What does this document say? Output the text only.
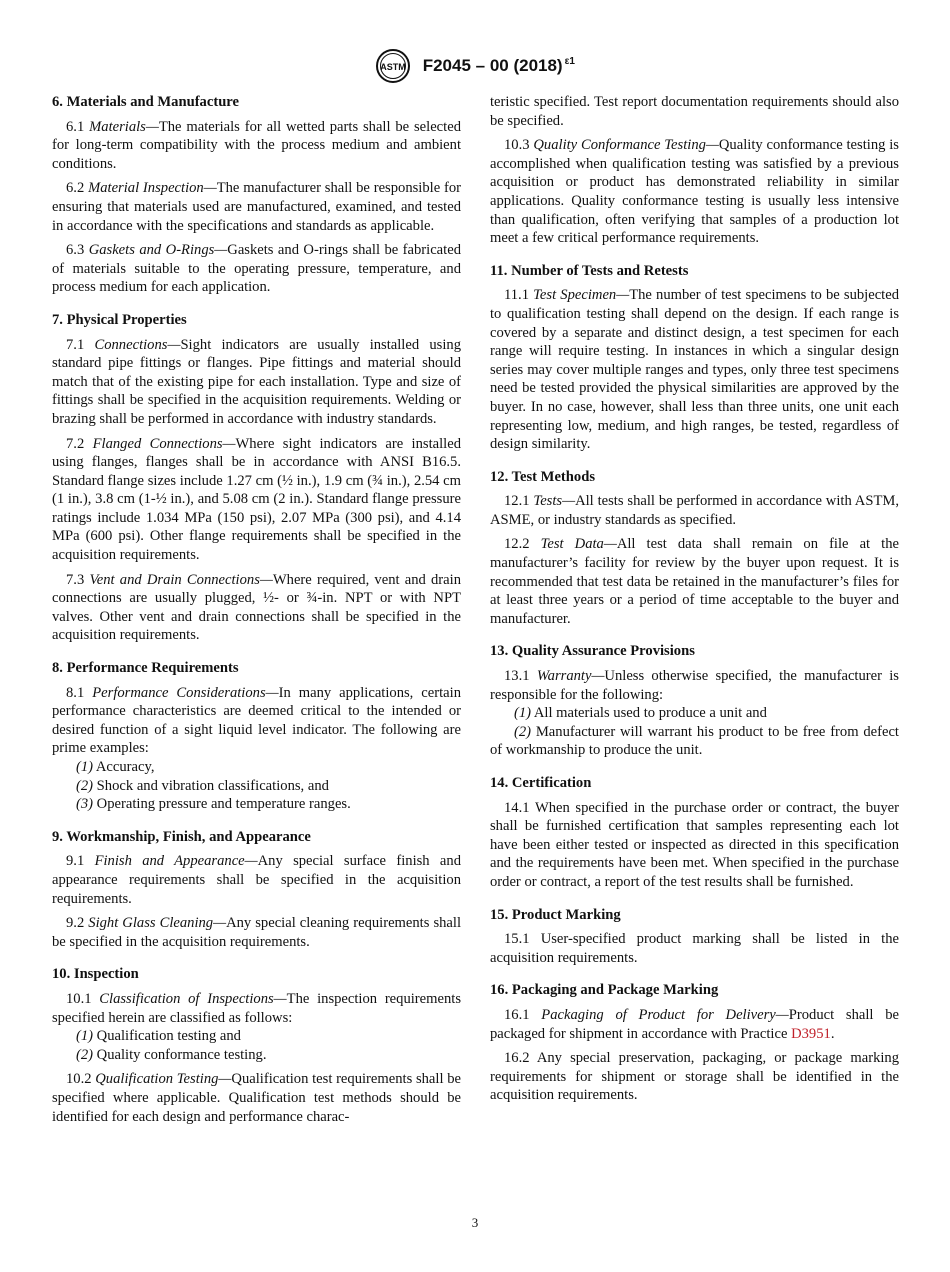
ASTM F2045 – 00 (2018) $^{\varepsilon 1}$
6. Materials and Manufacture

6.1 Materials—The materials for all wetted parts shall be selected for long-term compatibility with the process medium and ambient conditions.

6.2 Material Inspection—The manufacturer shall be responsible for ensuring that materials used are manufactured, examined, and tested in accordance with the specifications and standards as applicable.

6.3 Gaskets and O-Rings—Gaskets and O-rings shall be fabricated of materials suitable to the operating pressure, temperature, and process medium for each application.

7. Physical Properties

7.1 Connections—Sight indicators are usually installed using standard pipe fittings or flanges. Pipe fittings and material should match that of the existing pipe for each installation. Type and size of fittings shall be specified in the acquisition requirements. Welding or brazing shall be performed in accordance with industry standards.

7.2 Flanged Connections—Where sight indicators are installed using flanges, flanges shall be in accordance with ANSI B16.5. Standard flange sizes include 1.27 cm (½ in.), 1.9 cm (¾ in.), 2.54 cm (1 in.), 3.8 cm (1-½ in.), and 5.08 cm (2 in.). Standard flange pressure ratings include 1.034 MPa (150 psi), 2.07 MPa (300 psi), and 4.14 MPa (600 psi). Other flange requirements shall be specified in the acquisition requirements.

7.3 Vent and Drain Connections—Where required, vent and drain connections are usually plugged, ½- or ¾-in. NPT or with NPT valves. Other vent and drain connections shall be specified in the acquisition requirements.

8. Performance Requirements

8.1 Performance Considerations—In many applications, certain performance characteristics are deemed critical to the intended or desired function of a sight liquid level indicator. The following are prime examples:

(1) Accuracy,
(2) Shock and vibration classifications, and
(3) Operating pressure and temperature ranges.
9. Workmanship, Finish, and Appearance

9.1 Finish and Appearance—Any special surface finish and appearance requirements shall be specified in the acquisition requirements.

9.2 Sight Glass Cleaning—Any special cleaning requirements shall be specified in the acquisition requirements.

10. Inspection

10.1 Classification of Inspections—The inspection requirements specified herein are classified as follows:

(1) Qualification testing and
(2) Quality conformance testing.

10.2 Qualification Testing—Qualification test requirements shall be specified where applicable. Qualification test methods should be identified for each design and performance charac-

teristic specified. Test report documentation requirements should also be specified.

10.3 Quality Conformance Testing—Quality conformance testing is accomplished when qualification testing was satisfied by a previous acquisition or product has demonstrated reliability in similar applications. Quality conformance testing is usually less intensive than qualification, often verifying that samples of a production lot meet a few critical performance requirements.

11. Number of Tests and Retests

11.1 Test Specimen—The number of test specimens to be subjected to qualification testing shall depend on the design. If each range is covered by a separate and distinct design, a test specimen for each range will require testing. In instances in which a singular design series may cover multiple ranges and types, only three test specimens need be tested provided the physical similarities are approved by the buyer. In no case, however, shall less than three units, one unit each representing low, medium, and high ranges, be tested, regardless of design similarity.

12. Test Methods

12.1 Tests—All tests shall be performed in accordance with ASTM, ASME, or industry standards as specified.

12.2 Test Data—All test data shall remain on file at the manufacturer’s facility for review by the buyer upon request. It is recommended that test data be retained in the manufacturer’s files for at least three years or a period of time acceptable to the buyer and manufacturer.

13. Quality Assurance Provisions

13.1 Warranty—Unless otherwise specified, the manufacturer is responsible for the following:

(1) All materials used to produce a unit and

(2) Manufacturer will warrant his product to be free from defect of workmanship to produce the unit.

14. Certification

14.1 When specified in the purchase order or contract, the buyer shall be furnished certification that samples representing each lot have been either tested or inspected as directed in this specification and the requirements have been met. When specified in the purchase order or contract, a report of the test results shall be furnished.

15. Product Marking

15.1 User-specified product marking shall be listed in the acquisition requirements.

16. Packaging and Package Marking

16.1 Packaging of Product for Delivery—Product shall be packaged for shipment in accordance with Practice D3951.

16.2 Any special preservation, packaging, or package marking requirements for shipment or storage shall be identified in the acquisition requirements.

3
